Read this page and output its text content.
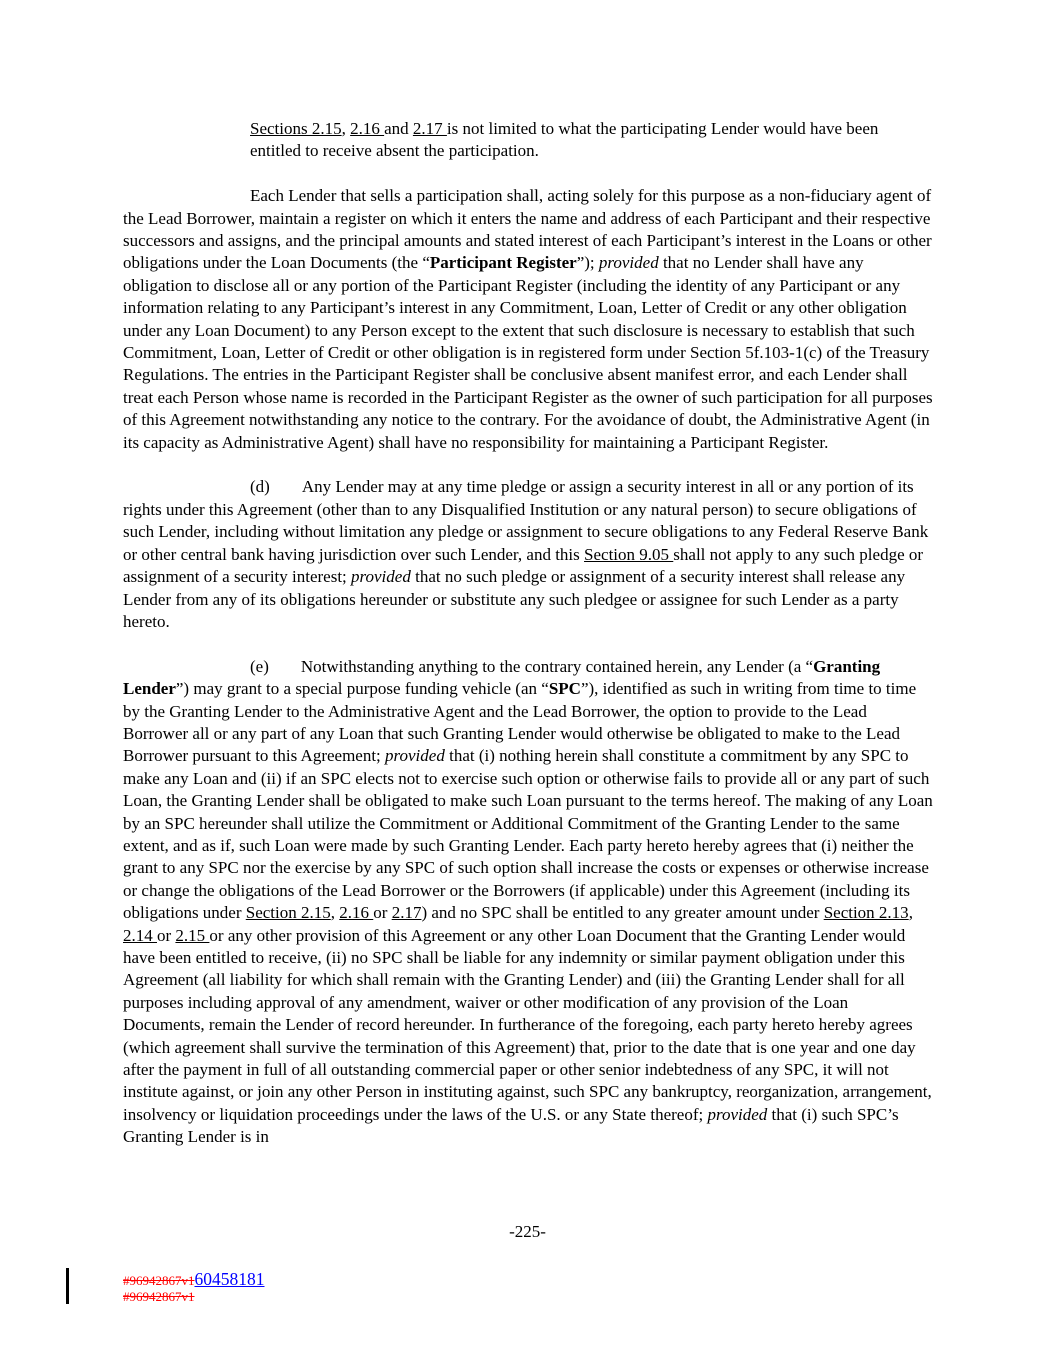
Sections 2.15, 2.16 and 2.17 is not limited to what the participating Lender would have been entitled to receive absent the participation.

Each Lender that sells a participation shall, acting solely for this purpose as a non-fiduciary agent of the Lead Borrower, maintain a register on which it enters the name and address of each Participant and their respective successors and assigns, and the principal amounts and stated interest of each Participant’s interest in the Loans or other obligations under the Loan Documents (the “Participant Register”); provided that no Lender shall have any obligation to disclose all or any portion of the Participant Register (including the identity of any Participant or any information relating to any Participant’s interest in any Commitment, Loan, Letter of Credit or any other obligation under any Loan Document) to any Person except to the extent that such disclosure is necessary to establish that such Commitment, Loan, Letter of Credit or other obligation is in registered form under Section 5f.103-1(c) of the Treasury Regulations. The entries in the Participant Register shall be conclusive absent manifest error, and each Lender shall treat each Person whose name is recorded in the Participant Register as the owner of such participation for all purposes of this Agreement notwithstanding any notice to the contrary. For the avoidance of doubt, the Administrative Agent (in its capacity as Administrative Agent) shall have no responsibility for maintaining a Participant Register.

(d) Any Lender may at any time pledge or assign a security interest in all or any portion of its rights under this Agreement (other than to any Disqualified Institution or any natural person) to secure obligations of such Lender, including without limitation any pledge or assignment to secure obligations to any Federal Reserve Bank or other central bank having jurisdiction over such Lender, and this Section 9.05 shall not apply to any such pledge or assignment of a security interest; provided that no such pledge or assignment of a security interest shall release any Lender from any of its obligations hereunder or substitute any such pledgee or assignee for such Lender as a party hereto.

(e) Notwithstanding anything to the contrary contained herein, any Lender (a “Granting Lender”) may grant to a special purpose funding vehicle (an “SPC”), identified as such in writing from time to time by the Granting Lender to the Administrative Agent and the Lead Borrower, the option to provide to the Lead Borrower all or any part of any Loan that such Granting Lender would otherwise be obligated to make to the Lead Borrower pursuant to this Agreement; provided that (i) nothing herein shall constitute a commitment by any SPC to make any Loan and (ii) if an SPC elects not to exercise such option or otherwise fails to provide all or any part of such Loan, the Granting Lender shall be obligated to make such Loan pursuant to the terms hereof. The making of any Loan by an SPC hereunder shall utilize the Commitment or Additional Commitment of the Granting Lender to the same extent, and as if, such Loan were made by such Granting Lender. Each party hereto hereby agrees that (i) neither the grant to any SPC nor the exercise by any SPC of such option shall increase the costs or expenses or otherwise increase or change the obligations of the Lead Borrower or the Borrowers (if applicable) under this Agreement (including its obligations under Section 2.15, 2.16 or 2.17) and no SPC shall be entitled to any greater amount under Section 2.13, 2.14 or 2.15 or any other provision of this Agreement or any other Loan Document that the Granting Lender would have been entitled to receive, (ii) no SPC shall be liable for any indemnity or similar payment obligation under this Agreement (all liability for which shall remain with the Granting Lender) and (iii) the Granting Lender shall for all purposes including approval of any amendment, waiver or other modification of any provision of the Loan Documents, remain the Lender of record hereunder. In furtherance of the foregoing, each party hereto hereby agrees (which agreement shall survive the termination of this Agreement) that, prior to the date that is one year and one day after the payment in full of all outstanding commercial paper or other senior indebtedness of any SPC, it will not institute against, or join any other Person in instituting against, such SPC any bankruptcy, reorganization, arrangement, insolvency or liquidation proceedings under the laws of the U.S. or any State thereof; provided that (i) such SPC’s Granting Lender is in

-225-
#96942867v160458181
#96942867v1
